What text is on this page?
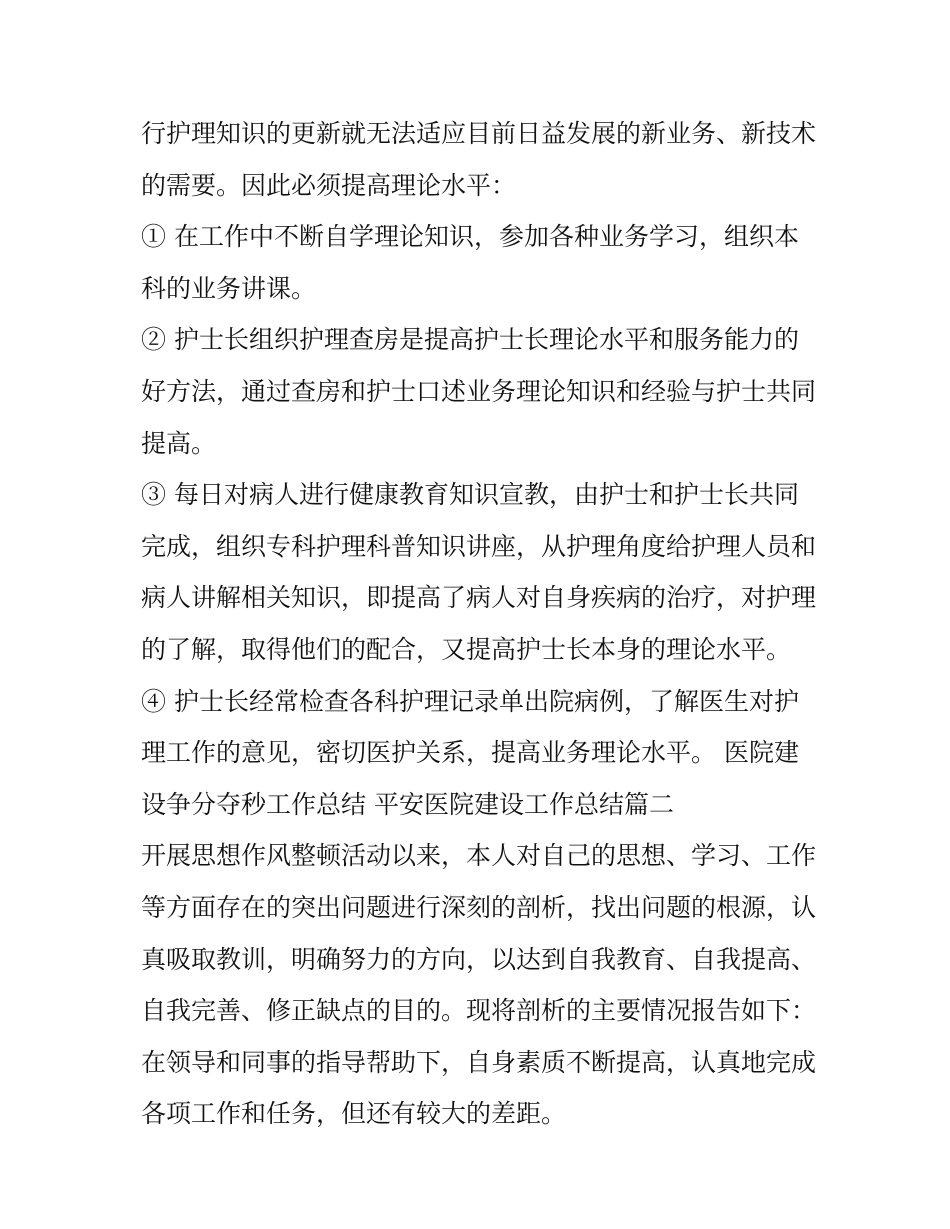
行护理知识的更新就无法适应目前日益发展的新业务、新技术
的需要。因此必须提高理论水平：
① 在工作中不断自学理论知识，参加各种业务学习，组织本
科的业务讲课。
② 护士长组织护理查房是提高护士长理论水平和服务能力的
好方法，通过查房和护士口述业务理论知识和经验与护士共同
提高。
③ 每日对病人进行健康教育知识宣教，由护士和护士长共同
完成，组织专科护理科普知识讲座，从护理角度给护理人员和
病人讲解相关知识，即提高了病人对自身疾病的治疗，对护理
的了解，取得他们的配合，又提高护士长本身的理论水平。
④ 护士长经常检查各科护理记录单出院病例，了解医生对护
理工作的意见，密切医护关系，提高业务理论水平。 医院建
设争分夺秒工作总结 平安医院建设工作总结篇二
开展思想作风整顿活动以来，本人对自己的思想、学习、工作
等方面存在的突出问题进行深刻的剖析，找出问题的根源，认
真吸取教训，明确努力的方向，以达到自我教育、自我提高、
自我完善、修正缺点的目的。现将剖析的主要情况报告如下：
在领导和同事的指导帮助下，自身素质不断提高，认真地完成
各项工作和任务，但还有较大的差距。
